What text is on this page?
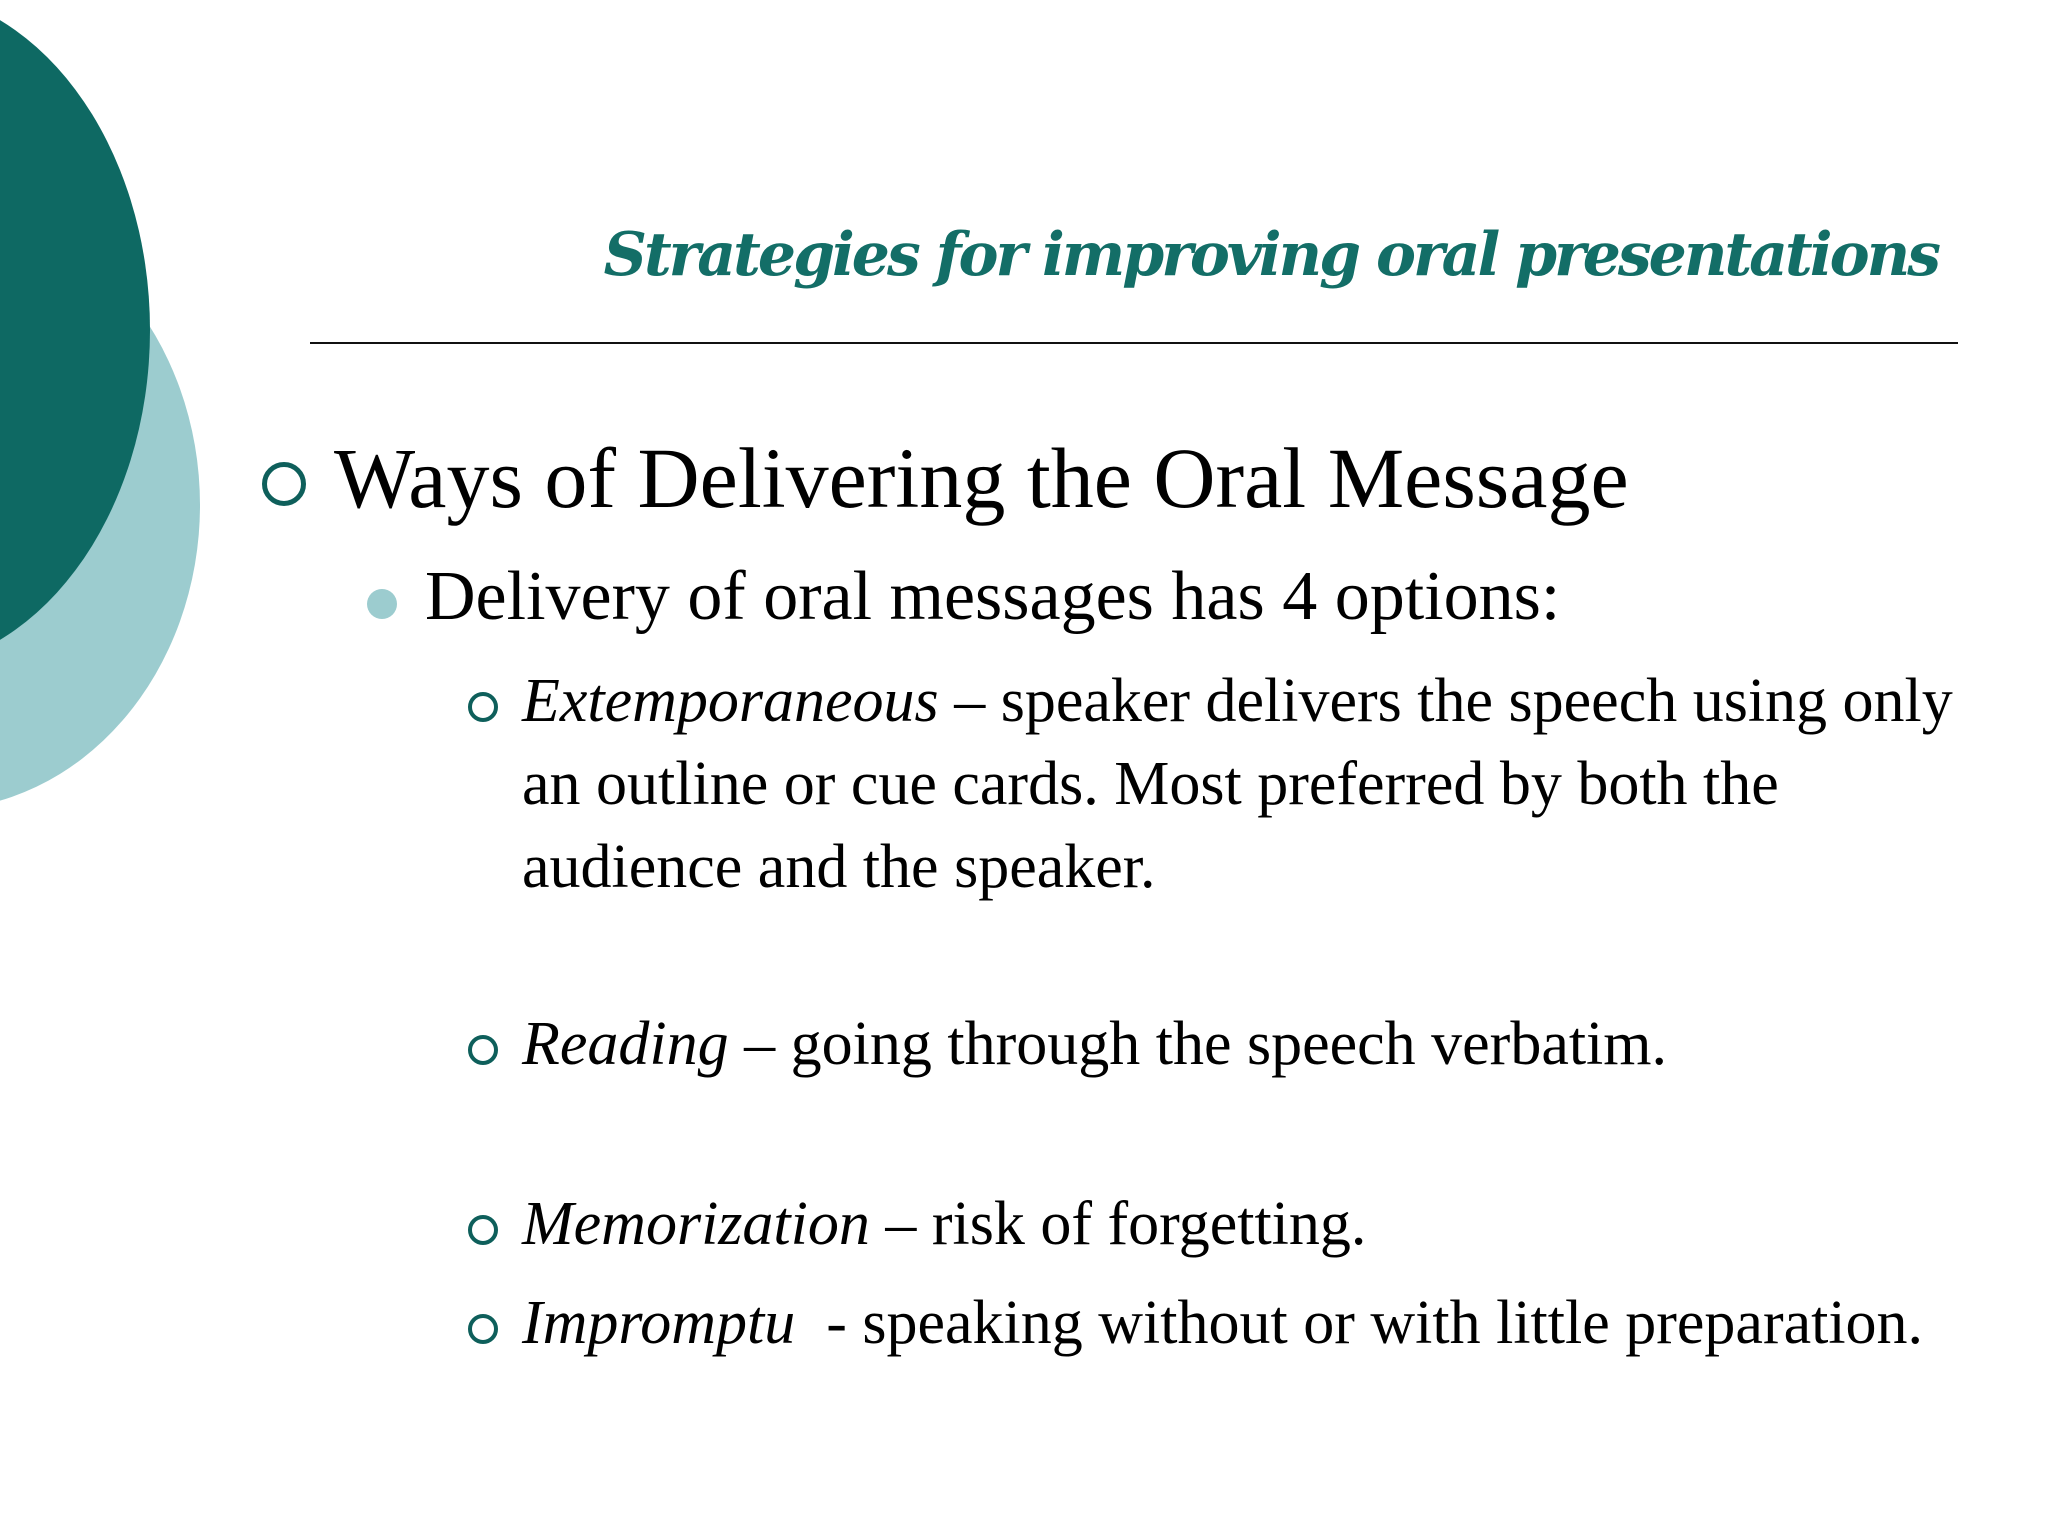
Strategies for improving oral presentations
Ways of Delivering the Oral Message
Delivery of oral messages has 4 options:
Extemporaneous – speaker delivers the speech using only an outline or cue cards. Most preferred by both the audience and the speaker.
Reading – going through the speech verbatim.
Memorization – risk of forgetting.
Impromptu  - speaking without or with little preparation.
